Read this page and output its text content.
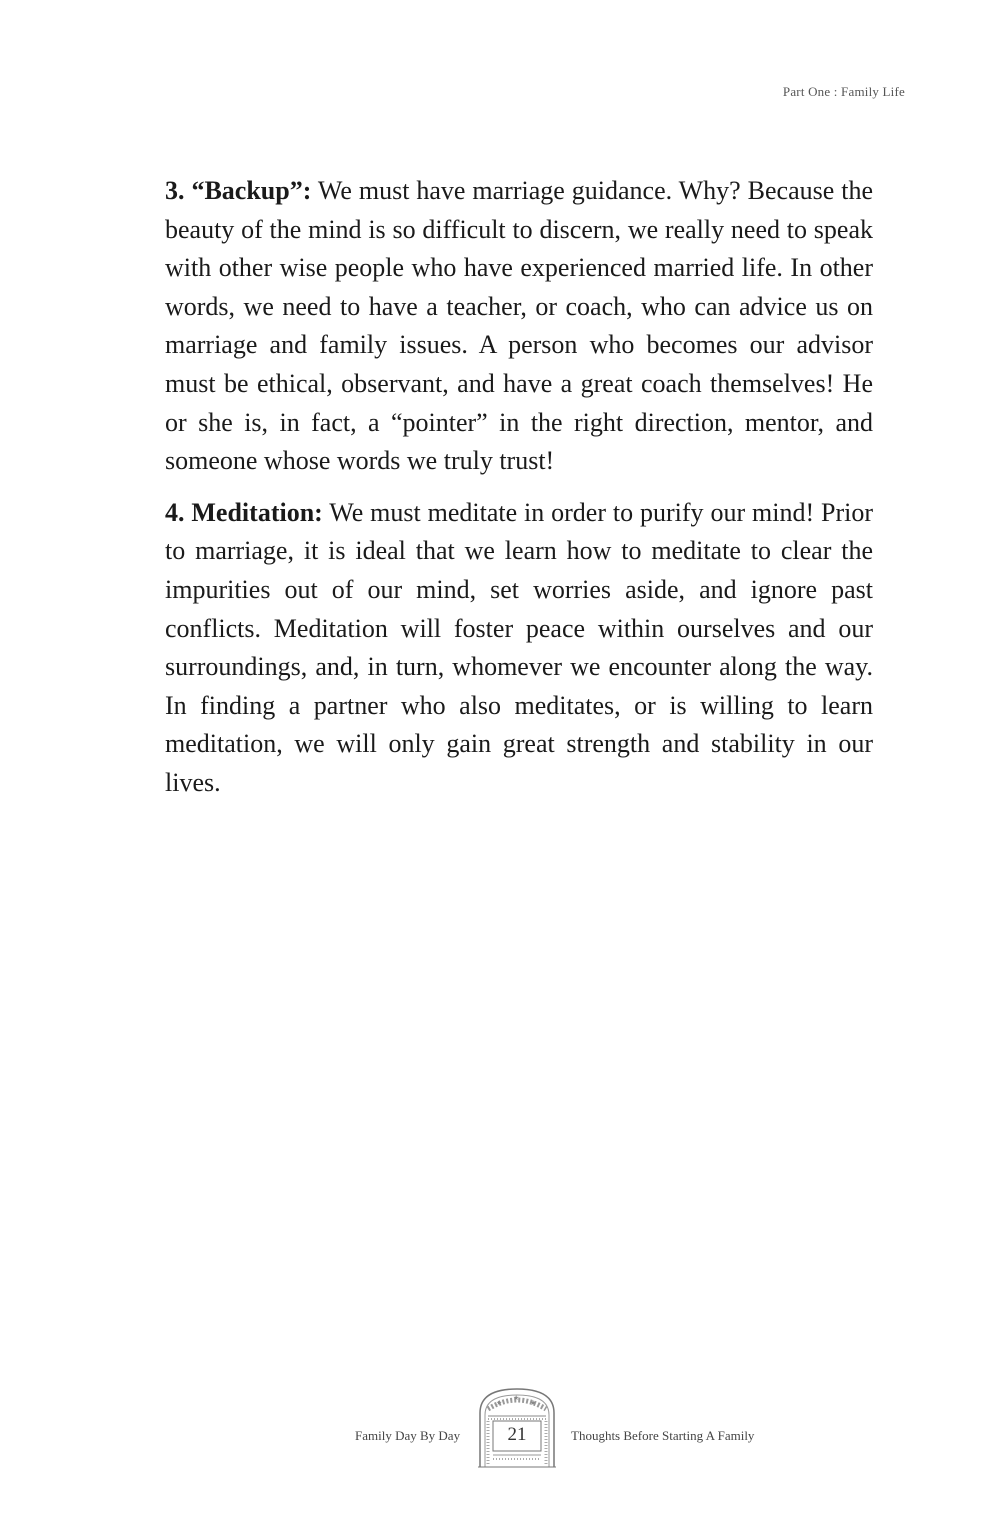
Part One : Family Life

3. “Backup”: We must have marriage guidance. Why? Because the beauty of the mind is so difficult to discern, we really need to speak with other wise people who have experienced married life. In other words, we need to have a teacher, or coach, who can advice us on marriage and family issues. A person who becomes our advisor must be ethical, observant, and have a great coach themselves! He or she is, in fact, a “pointer” in the right direction, mentor, and someone whose words we truly trust!

4. Meditation: We must meditate in order to purify our mind! Prior to marriage, it is ideal that we learn how to meditate to clear the impurities out of our mind, set worries aside, and ignore past conflicts. Meditation will foster peace within ourselves and our surroundings, and, in turn, whomever we encounter along the way. In finding a partner who also meditates, or is willing to learn meditation, we will only gain great strength and stability in our lives.

Family Day By Day
★
★
★
21	Thoughts Before Starting A Family
